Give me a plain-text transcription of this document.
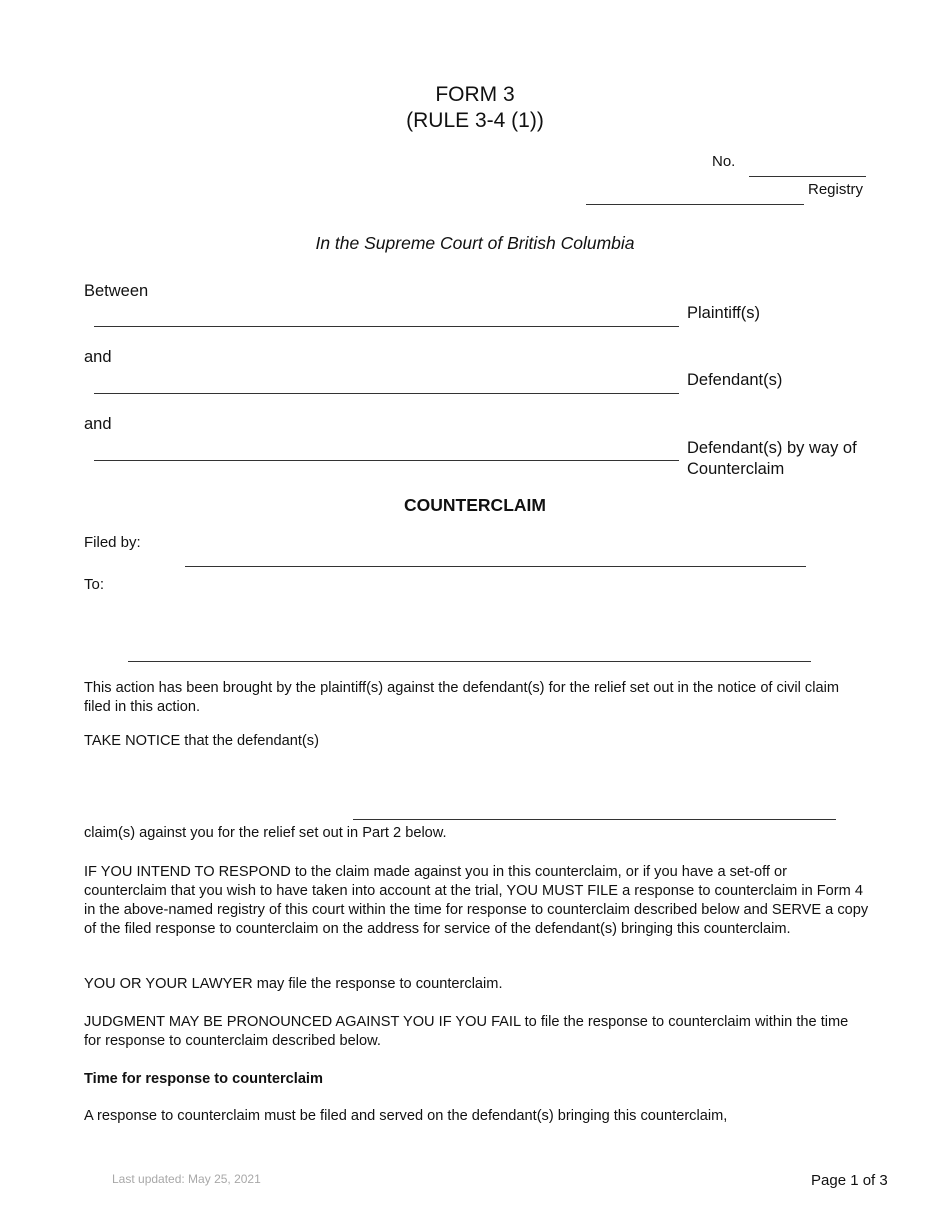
FORM 3
(RULE 3-4 (1))
No.
Registry
In the Supreme Court of British Columbia
Between
Plaintiff(s)
and
Defendant(s)
and
Defendant(s) by way of
Counterclaim
COUNTERCLAIM
Filed by:
To:
This action has been brought by the plaintiff(s) against the defendant(s) for the relief set out in the notice of civil claim filed in this action.
TAKE NOTICE that the defendant(s)
claim(s) against you for the relief set out in Part 2 below.
IF YOU INTEND TO RESPOND to the claim made against you in this counterclaim, or if you have a set-off or counterclaim that you wish to have taken into account at the trial, YOU MUST FILE a response to counterclaim in Form 4 in the above-named registry of this court within the time for response to counterclaim described below and SERVE a copy of the filed response to counterclaim on the address for service of the defendant(s) bringing this counterclaim.
YOU OR YOUR LAWYER may file the response to counterclaim.
JUDGMENT MAY BE PRONOUNCED AGAINST YOU IF YOU FAIL to file the response to counterclaim within the time for response to counterclaim described below.
Time for response to counterclaim
A response to counterclaim must be filed and served on the defendant(s) bringing this counterclaim,
Last updated: May 25, 2021	Page 1 of 3
